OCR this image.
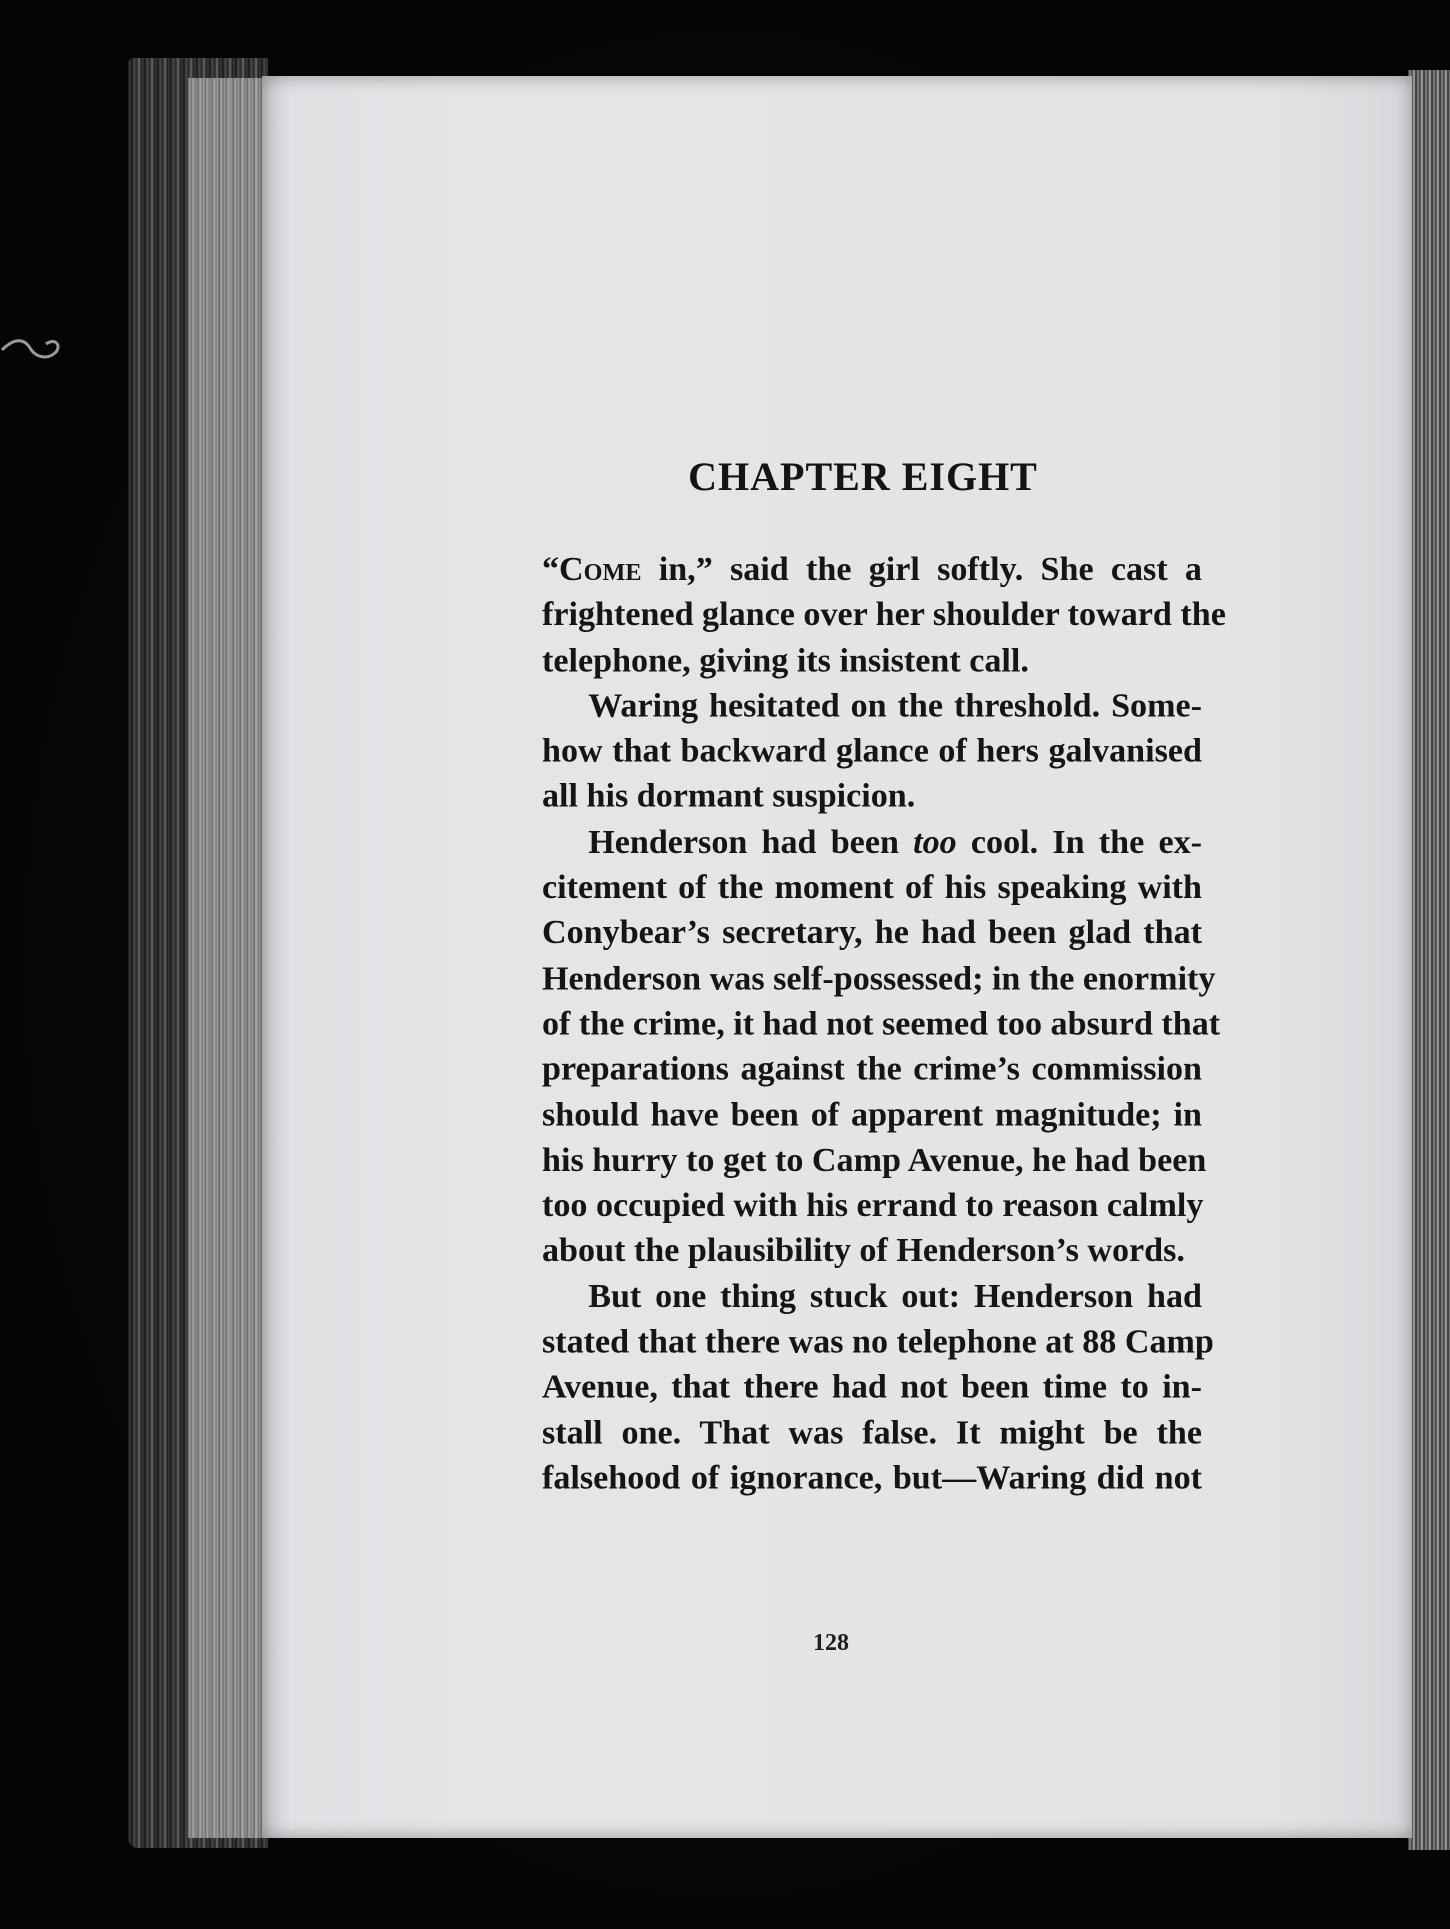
CHAPTER EIGHT
“Come in,” said the girl softly. She cast a
frightened glance over her shoulder toward the
telephone, giving its insistent call.
Waring hesitated on the threshold. Some-
how that backward glance of hers galvanised
all his dormant suspicion.
Henderson had been too cool. In the ex-
citement of the moment of his speaking with
Conybear’s secretary, he had been glad that
Henderson was self-possessed; in the enormity
of the crime, it had not seemed too absurd that
preparations against the crime’s commission
should have been of apparent magnitude; in
his hurry to get to Camp Avenue, he had been
too occupied with his errand to reason calmly
about the plausibility of Henderson’s words.
But one thing stuck out: Henderson had
stated that there was no telephone at 88 Camp
Avenue, that there had not been time to in-
stall one. That was false. It might be the
falsehood of ignorance, but—Waring did not
128
